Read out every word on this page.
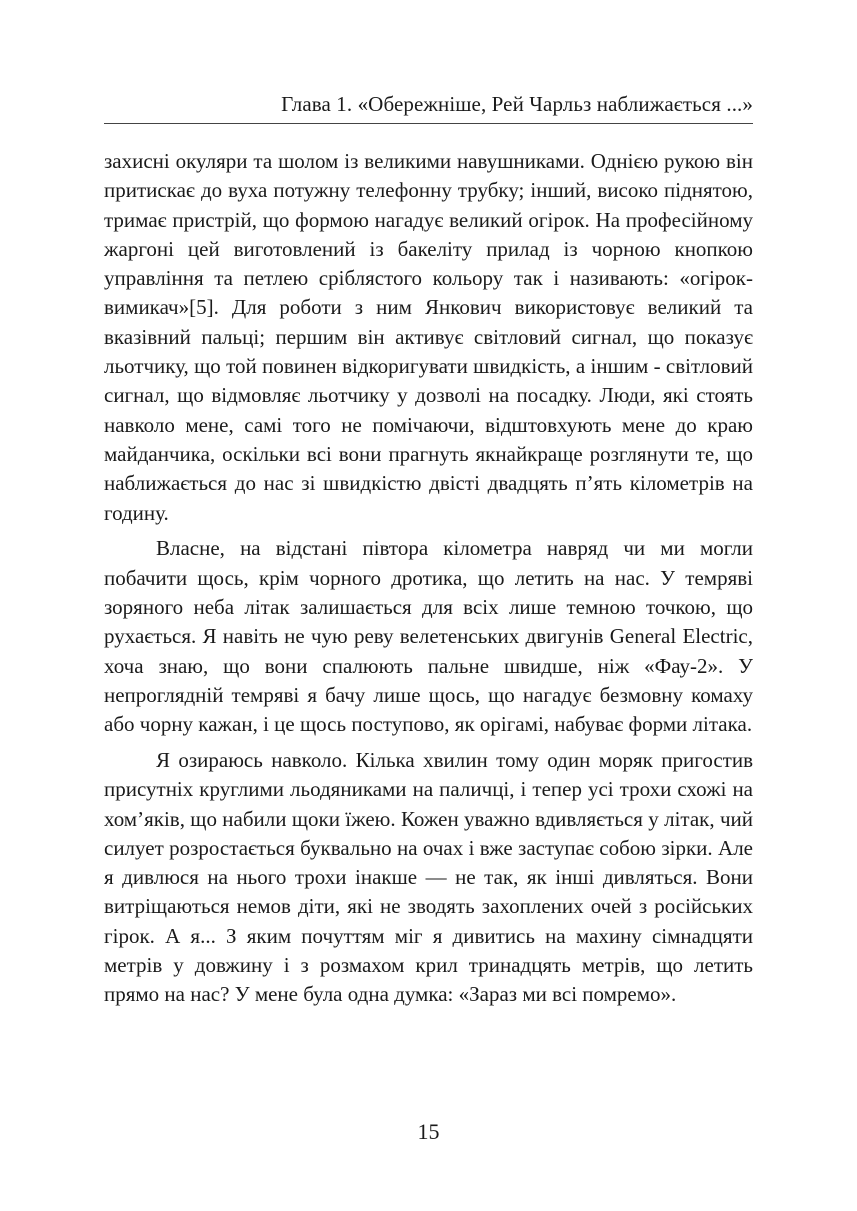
Глава 1. «Обережніше, Рей Чарльз наближається ...»

захисні окуляри та шолом із великими навушниками. Однією рукою він притискає до вуха потужну телефонну трубку; інший, високо піднятою, тримає пристрій, що формою нагадує великий огірок. На професійному жаргоні цей виготовлений із бакеліту прилад із чорною кнопкою управління та петлею сріблястого кольору так і називають: «огірок-вимикач»[5]. Для роботи з ним Янкович використовує великий та вказівний пальці; першим він активує світловий сигнал, що показує льотчику, що той повинен відкоригувати швидкість, а іншим - світловий сигнал, що відмовляє льотчику у дозволі на посадку. Люди, які стоять навколо мене, самі того не помічаючи, відштовхують мене до краю майданчика, оскільки всі вони прагнуть якнайкраще розглянути те, що наближається до нас зі швидкістю двісті двадцять п’ять кілометрів на годину.

Власне, на відстані півтора кілометра навряд чи ми могли побачити щось, крім чорного дротика, що летить на нас. У темряві зоряного неба літак залишається для всіх лише темною точкою, що рухається. Я навіть не чую реву велетенських двигунів General Electric, хоча знаю, що вони спалюють пальне швидше, ніж «Фау-2». У непроглядній темряві я бачу лише щось, що нагадує безмовну комаху або чорну кажан, і це щось поступово, як орігамі, набуває форми літака.

Я озираюсь навколо. Кілька хвилин тому один моряк пригостив присутніх круглими льодяниками на паличці, і тепер усі трохи схожі на хом’яків, що набили щоки їжею. Кожен уважно вдивляється у літак, чий силует розростається буквально на очах і вже заступає собою зірки. Але я дивлюся на нього трохи інакше — не так, як інші дивляться. Вони витріщаються немов діти, які не зводять захоплених очей з російських гірок. А я... З яким почуттям міг я дивитись на махину сімнадцяти метрів у довжину і з розмахом крил тринадцять метрів, що летить прямо на нас? У мене була одна думка: «Зараз ми всі помремо».

15
